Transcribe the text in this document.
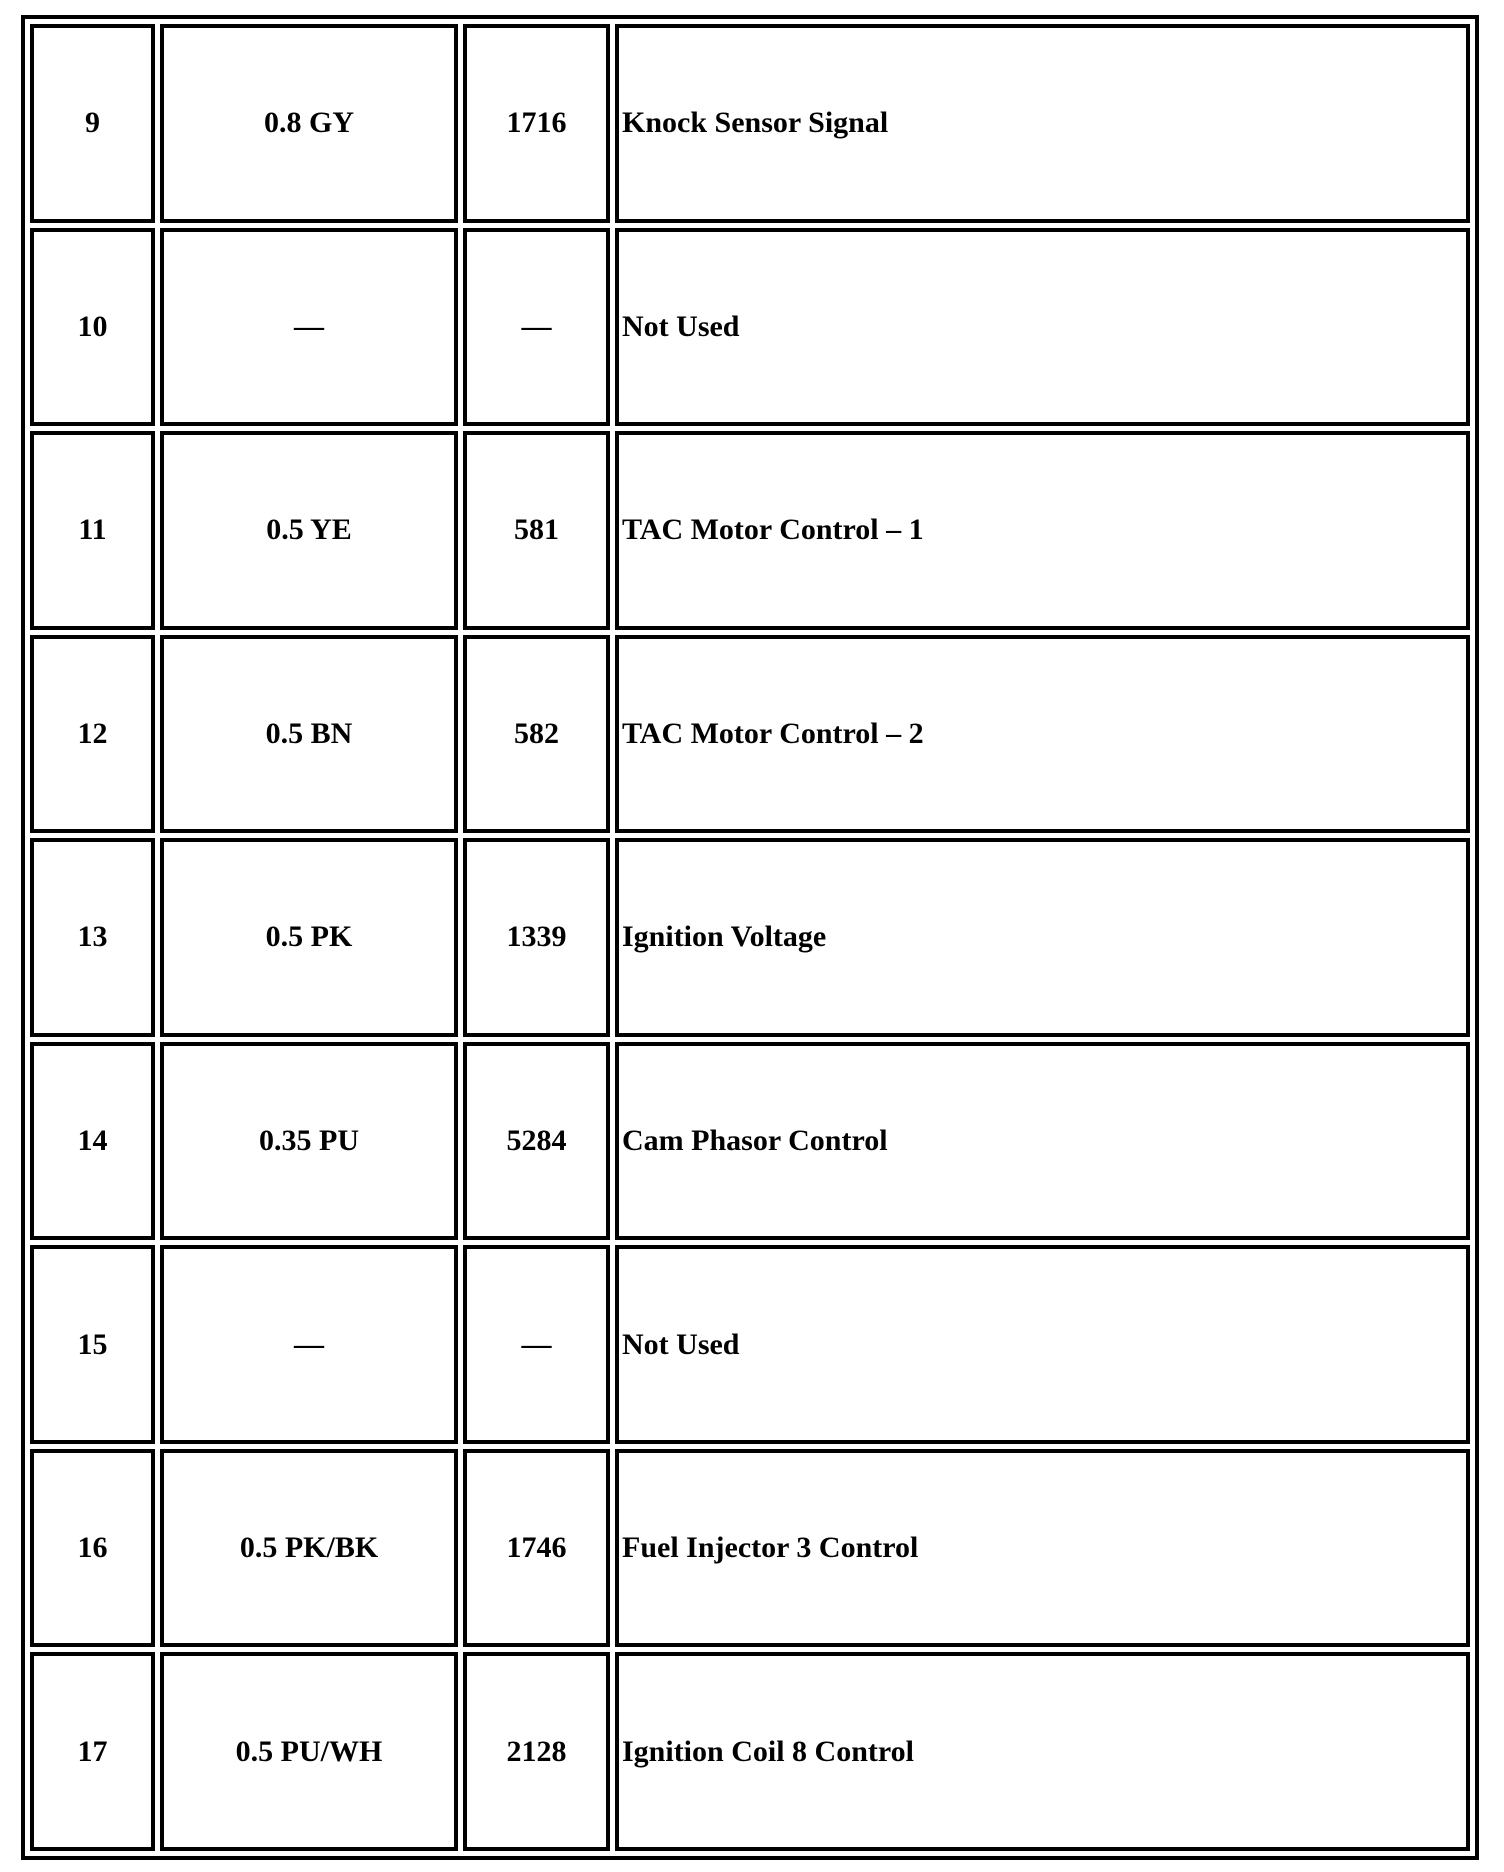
9	0.8 GY	1716	Knock Sensor Signal
10	—	—	Not Used
11	0.5 YE	581	TAC Motor Control – 1
12	0.5 BN	582	TAC Motor Control – 2
13	0.5 PK	1339	Ignition Voltage
14	0.35 PU	5284	Cam Phasor Control
15	—	—	Not Used
16	0.5 PK/BK	1746	Fuel Injector 3 Control
17	0.5 PU/WH	2128	Ignition Coil 8 Control
